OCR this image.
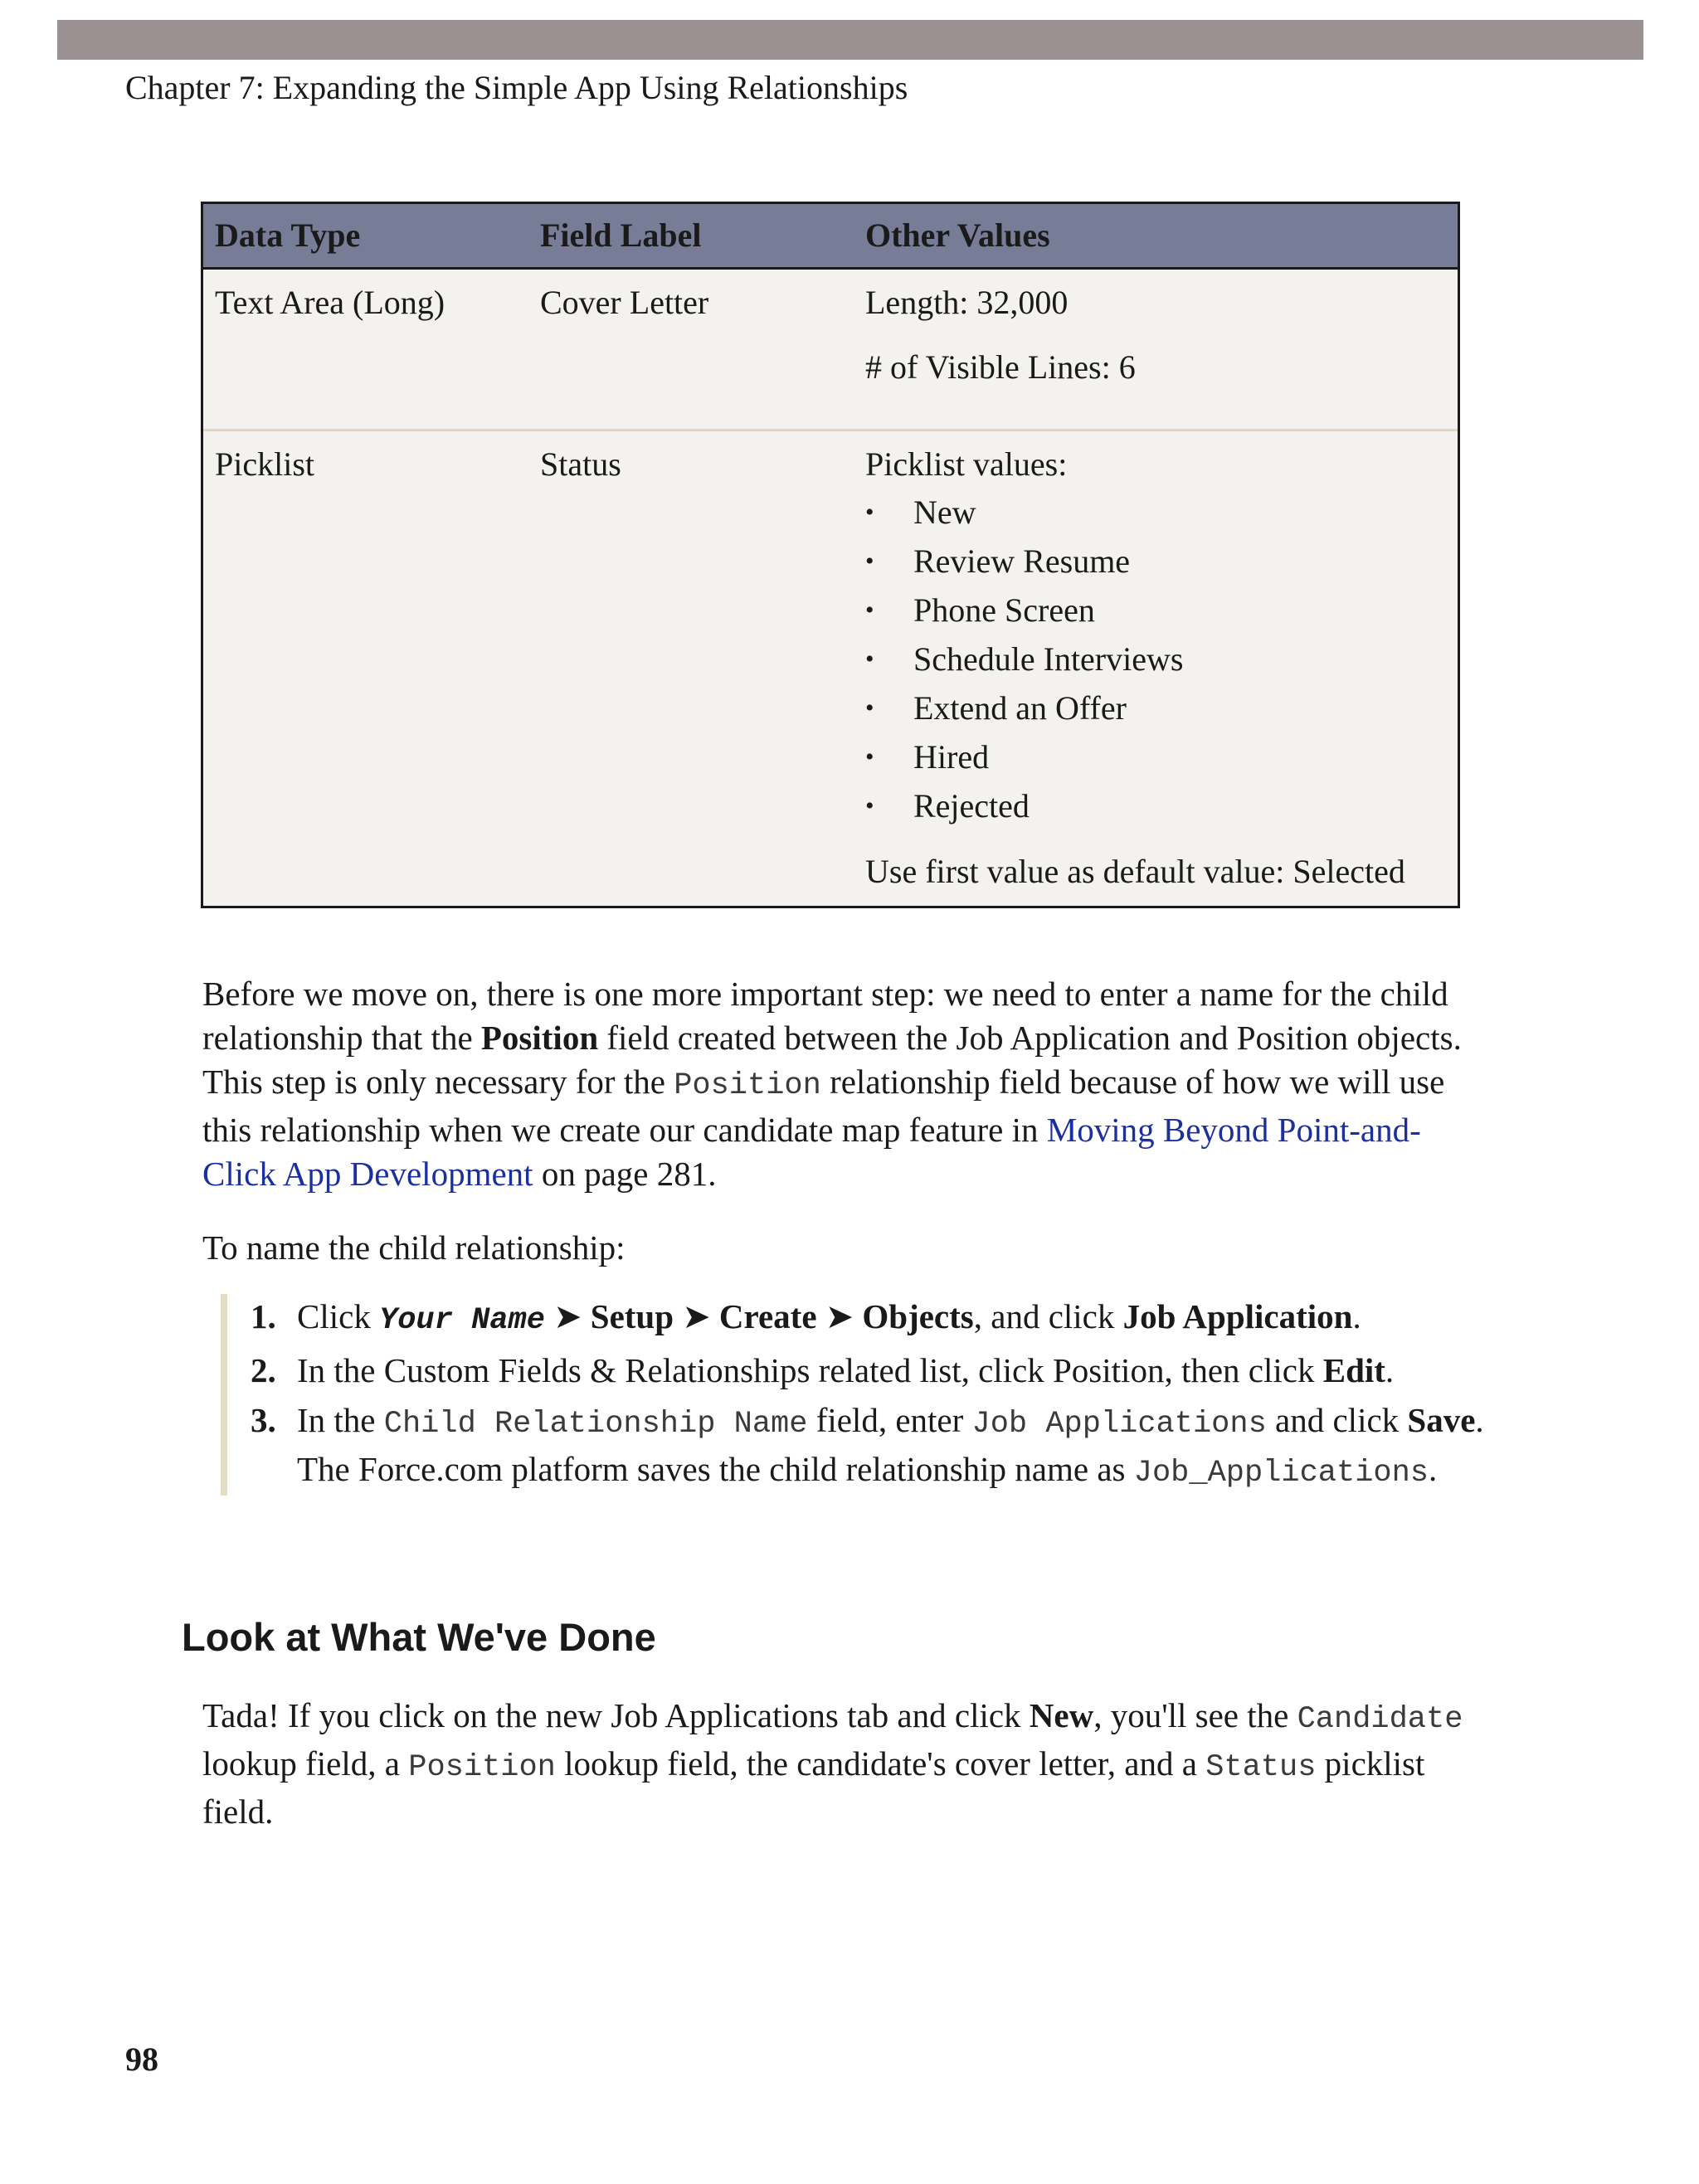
Chapter 7: Expanding the Simple App Using Relationships
Data Type	Field Label	Other Values

Text Area (Long)	Cover Letter	Length: 32,000

# of Visible Lines: 6

Picklist	Status	Picklist values:

• New
• Review Resume
• Phone Screen
• Schedule Interviews
• Extend an Offer
• Hired
• Rejected

Use first value as default value: Selected

Before we move on, there is one more important step: we need to enter a name for the child relationship that the Position field created between the Job Application and Position objects. This step is only necessary for the Position relationship field because of how we will use this relationship when we create our candidate map feature in Moving Beyond Point-and-Click App Development on page 281.

To name the child relationship:

1. Click Your Name ➤ Setup ➤ Create ➤ Objects, and click Job Application.
2. In the Custom Fields & Relationships related list, click Position, then click Edit.
3. In the Child Relationship Name field, enter Job Applications and click Save. The Force.com platform saves the child relationship name as Job_Applications.
Look at What We've Done

Tada! If you click on the new Job Applications tab and click New, you'll see the Candidate lookup field, a Position lookup field, the candidate's cover letter, and a Status picklist field.

98
